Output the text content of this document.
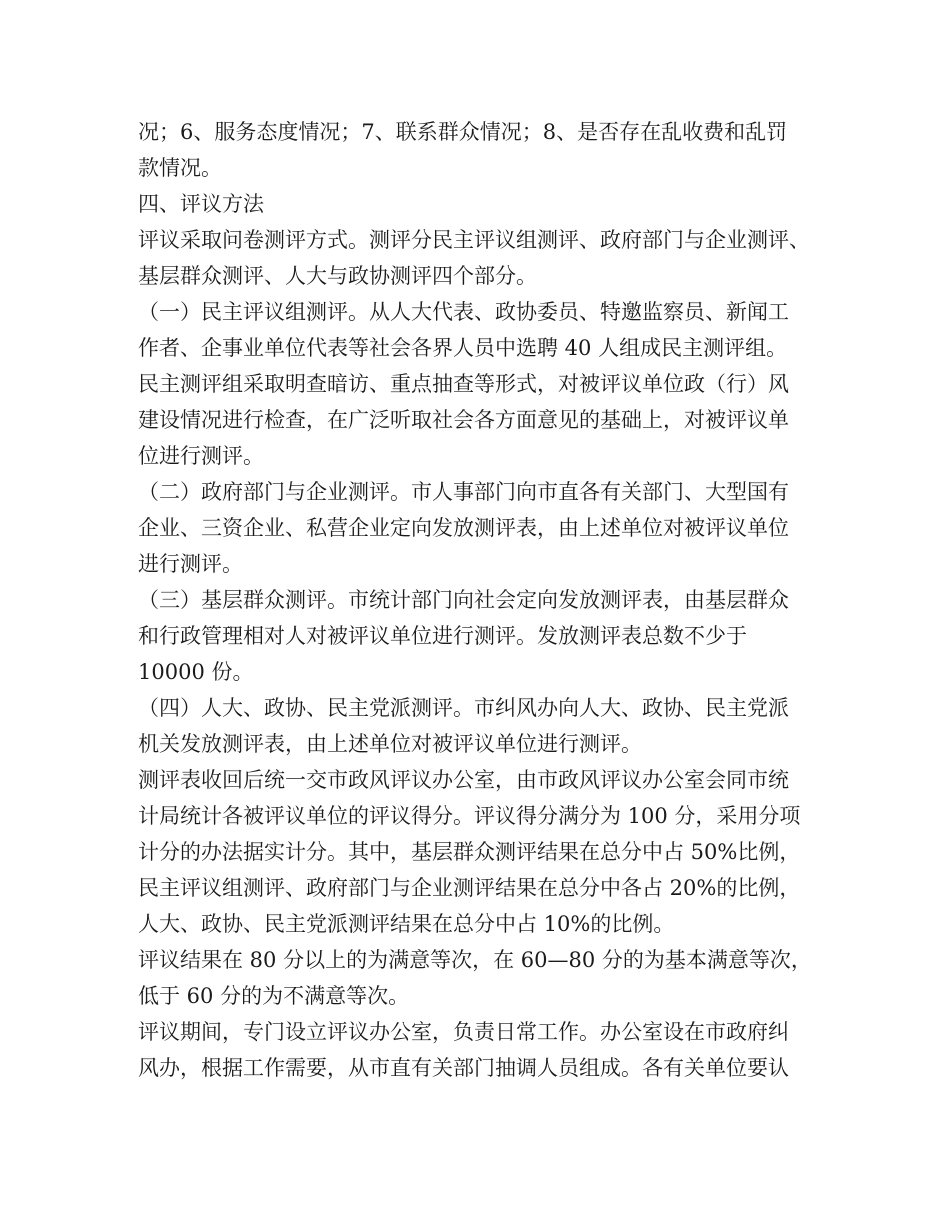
况；6、服务态度情况；7、联系群众情况；8、是否存在乱收费和乱罚
款情况。

四、评议方法

评议采取问卷测评方式。测评分民主评议组测评、政府部门与企业测评、
基层群众测评、人大与政协测评四个部分。

（一）民主评议组测评。从人大代表、政协委员、特邀监察员、新闻工
作者、企事业单位代表等社会各界人员中选聘 40 人组成民主测评组。
民主测评组采取明查暗访、重点抽查等形式，对被评议单位政（行）风
建设情况进行检查，在广泛听取社会各方面意见的基础上，对被评议单
位进行测评。

（二）政府部门与企业测评。市人事部门向市直各有关部门、大型国有
企业、三资企业、私营企业定向发放测评表，由上述单位对被评议单位
进行测评。

（三）基层群众测评。市统计部门向社会定向发放测评表，由基层群众
和行政管理相对人对被评议单位进行测评。发放测评表总数不少于
10000 份。

（四）人大、政协、民主党派测评。市纠风办向人大、政协、民主党派
机关发放测评表，由上述单位对被评议单位进行测评。

测评表收回后统一交市政风评议办公室，由市政风评议办公室会同市统
计局统计各被评议单位的评议得分。评议得分满分为 100 分，采用分项
计分的办法据实计分。其中，基层群众测评结果在总分中占 50%比例，
民主评议组测评、政府部门与企业测评结果在总分中各占 20%的比例，
人大、政协、民主党派测评结果在总分中占 10%的比例。

评议结果在 80 分以上的为满意等次，在 60—80 分的为基本满意等次，
低于 60 分的为不满意等次。

评议期间，专门设立评议办公室，负责日常工作。办公室设在市政府纠
风办，根据工作需要，从市直有关部门抽调人员组成。各有关单位要认
